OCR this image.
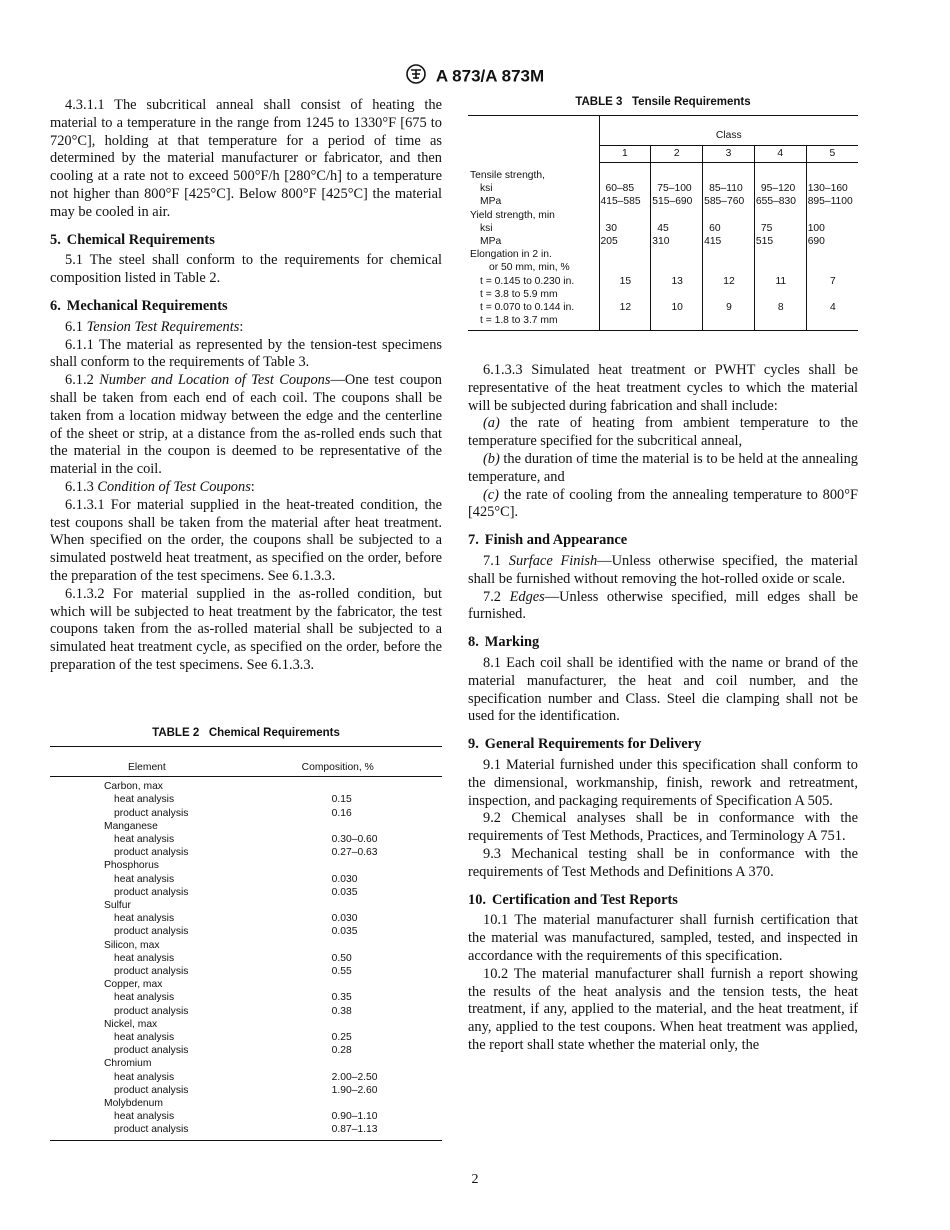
A 873/A 873M

4.3.1.1 The subcritical anneal shall consist of heating the material to a temperature in the range from 1245 to 1330°F [675 to 720°C], holding at that temperature for a period of time as determined by the material manufacturer or fabricator, and then cooling at a rate not to exceed 500°F/h [280°C/h] to a temperature not higher than 800°F [425°C]. Below 800°F [425°C] the material may be cooled in air.

5. Chemical Requirements

5.1 The steel shall conform to the requirements for chemical composition listed in Table 2.

6. Mechanical Requirements

6.1 Tension Test Requirements:

6.1.1 The material as represented by the tension-test specimens shall conform to the requirements of Table 3.

6.1.2 Number and Location of Test Coupons—One test coupon shall be taken from each end of each coil. The coupons shall be taken from a location midway between the edge and the centerline of the sheet or strip, at a distance from the as-rolled ends such that the material in the coupon is deemed to be representative of the material in the coil.

6.1.3 Condition of Test Coupons:

6.1.3.1 For material supplied in the heat-treated condition, the test coupons shall be taken from the material after heat treatment. When specified on the order, the coupons shall be subjected to a simulated postweld heat treatment, as specified on the order, before the preparation of the test specimens. See 6.1.3.3.

6.1.3.2 For material supplied in the as-rolled condition, but which will be subjected to heat treatment by the fabricator, the test coupons taken from the as-rolled material shall be subjected to a simulated heat treatment cycle, as specified on the order, before the preparation of the test specimens. See 6.1.3.3.

TABLE 2 Chemical Requirements
Element	Composition, %
Carbon, max	
heat analysis	0.15
product analysis	0.16
Manganese	
heat analysis	0.30–0.60
product analysis	0.27–0.63
Phosphorus	
heat analysis	0.030
product analysis	0.035
Sulfur	
heat analysis	0.030
product analysis	0.035
Silicon, max	
heat analysis	0.50
product analysis	0.55
Copper, max	
heat analysis	0.35
product analysis	0.38
Nickel, max	
heat analysis	0.25
product analysis	0.28
Chromium	
heat analysis	2.00–2.50
product analysis	1.90–2.60
Molybdenum	
heat analysis	0.90–1.10
product analysis	0.87–1.13
TABLE 3 Tensile Requirements
	Class				
	1	2	3	4	5
Tensile strength,					
ksi	60–85	75–100	85–110	95–120	130–160
MPa	415–585	515–690	585–760	655–830	895–1100
Yield strength, min					
ksi	30	45	60	75	100
MPa	205	310	415	515	690
Elongation in 2 in.					
or 50 mm, min, %					
t = 0.145 to 0.230 in.	15	13	12	11	7
t = 3.8 to 5.9 mm					
t = 0.070 to 0.144 in.	12	10	9	8	4
t = 1.8 to 3.7 mm					

6.1.3.3 Simulated heat treatment or PWHT cycles shall be representative of the heat treatment cycles to which the material will be subjected during fabrication and shall include:

(a) the rate of heating from ambient temperature to the temperature specified for the subcritical anneal,

(b) the duration of time the material is to be held at the annealing temperature, and

(c) the rate of cooling from the annealing temperature to 800°F [425°C].

7. Finish and Appearance

7.1 Surface Finish—Unless otherwise specified, the material shall be furnished without removing the hot-rolled oxide or scale.

7.2 Edges—Unless otherwise specified, mill edges shall be furnished.

8. Marking

8.1 Each coil shall be identified with the name or brand of the material manufacturer, the heat and coil number, and the specification number and Class. Steel die clamping shall not be used for the identification.

9. General Requirements for Delivery

9.1 Material furnished under this specification shall conform to the dimensional, workmanship, finish, rework and retreatment, inspection, and packaging requirements of Specification A 505.

9.2 Chemical analyses shall be in conformance with the requirements of Test Methods, Practices, and Terminology A 751.

9.3 Mechanical testing shall be in conformance with the requirements of Test Methods and Definitions A 370.

10. Certification and Test Reports

10.1 The material manufacturer shall furnish certification that the material was manufactured, sampled, tested, and inspected in accordance with the requirements of this specification.

10.2 The material manufacturer shall furnish a report showing the results of the heat analysis and the tension tests, the heat treatment, if any, applied to the material, and the heat treatment, if any, applied to the test coupons. When heat treatment was applied, the report shall state whether the material only, the

2
